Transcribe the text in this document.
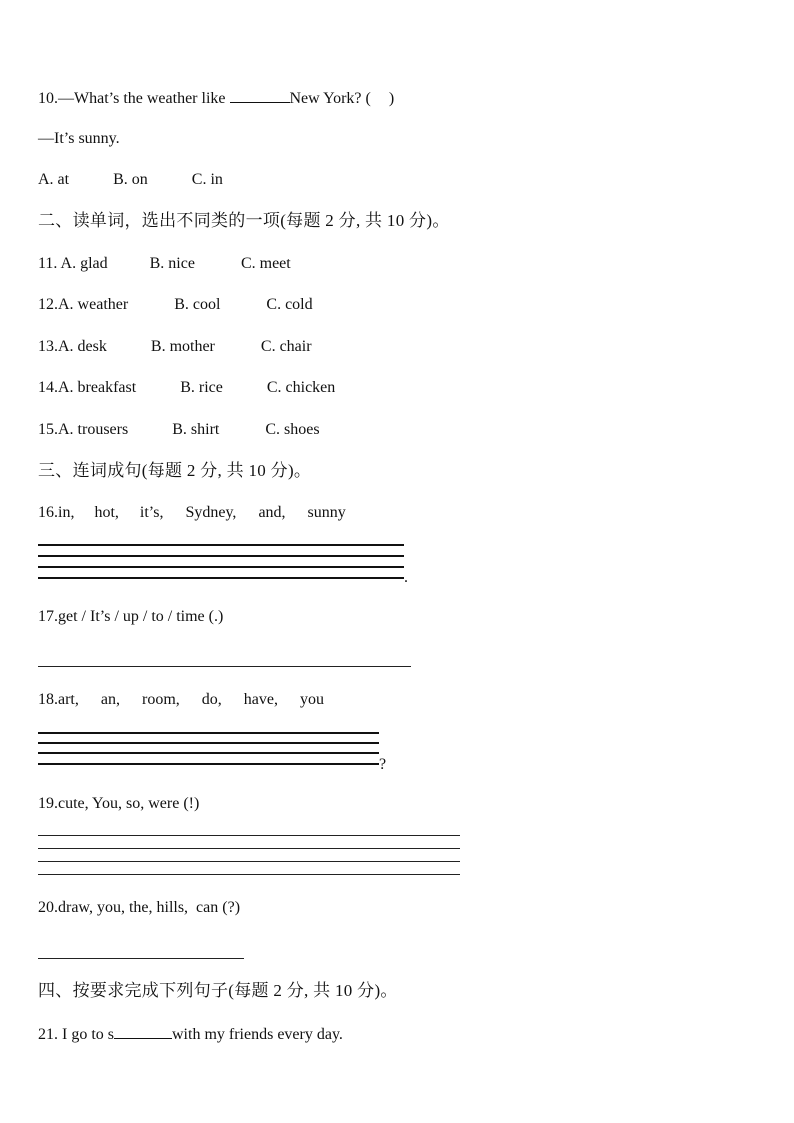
10.—What’s the weather like	New York? ( )
—It’s sunny.
A. at	B. on	C. in
二、读单词，选出不同类的一项(每题 2 分, 共 10 分)。
11. A. glad	B. nice	C. meet
12.A. weather	B. cool	C. cold
13.A. desk	B. mother	C. chair
14.A. breakfast	B. rice	C. chicken
15.A. trousers	B. shirt	C. shoes
三、连词成句(每题 2 分, 共 10 分)。
16.in, hot, it’s, Sydney, and, sunny
.
17.get / It’s / up / to / time (.)
18.art, an, room, do, have, you
?
19.cute, You, so, were (!)
20.draw, you, the, hills,  can (?)
四、按要求完成下列句子(每题 2 分, 共 10 分)。
21. I go to s	with my friends every day.
